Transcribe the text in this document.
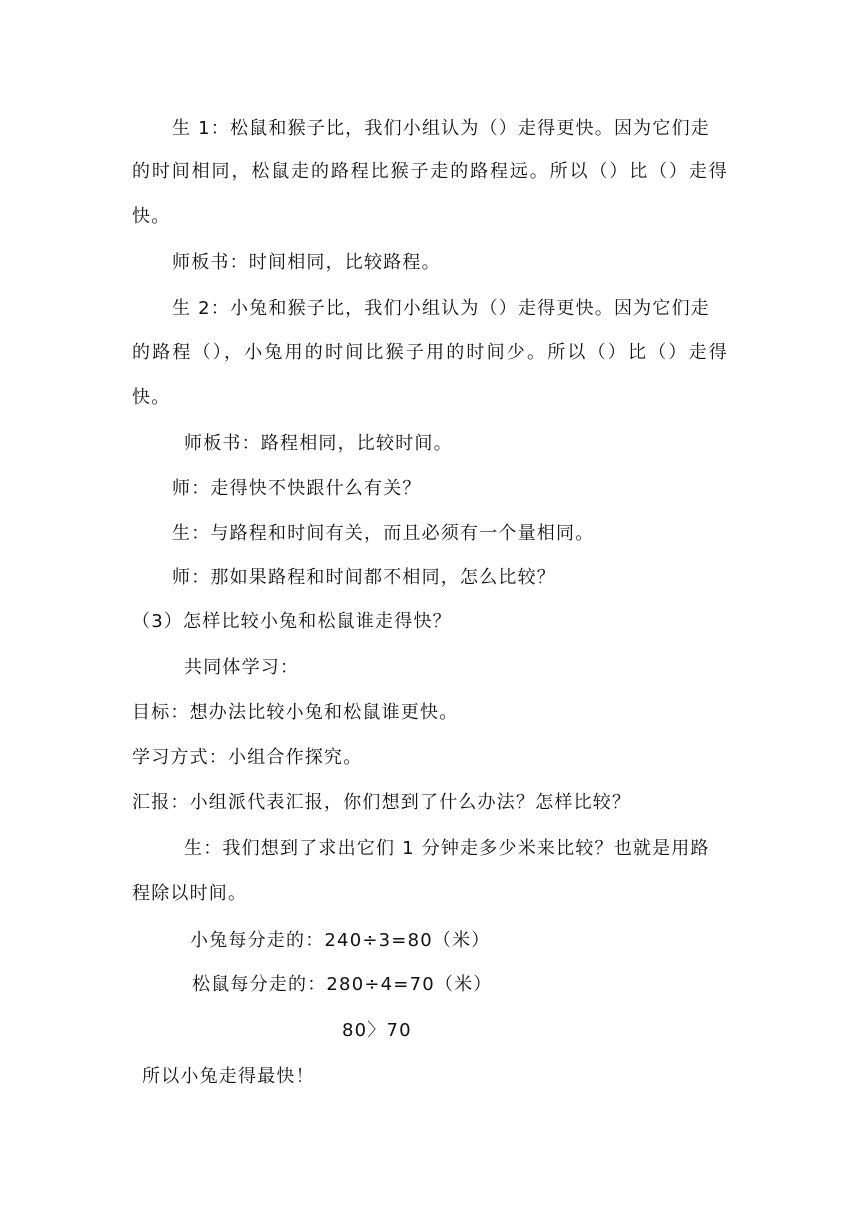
生 1：松鼠和猴子比，我们小组认为（）走得更快。因为它们走
的时间相同，松鼠走的路程比猴子走的路程远。所以（）比（）走得
快。
师板书：时间相同，比较路程。
生 2：小兔和猴子比，我们小组认为（）走得更快。因为它们走
的路程（），小兔用的时间比猴子用的时间少。所以（）比（）走得
快。
师板书：路程相同，比较时间。
师：走得快不快跟什么有关？
生：与路程和时间有关，而且必须有一个量相同。
师：那如果路程和时间都不相同，怎么比较？
（3）怎样比较小兔和松鼠谁走得快？
共同体学习：
目标：想办法比较小兔和松鼠谁更快。
学习方式：小组合作探究。
汇报：小组派代表汇报，你们想到了什么办法？怎样比较？
生：我们想到了求出它们 1 分钟走多少米来比较？也就是用路
程除以时间。
小兔每分走的：240÷3=80（米）
松鼠每分走的：280÷4=70（米）
80〉70
所以小兔走得最快！
